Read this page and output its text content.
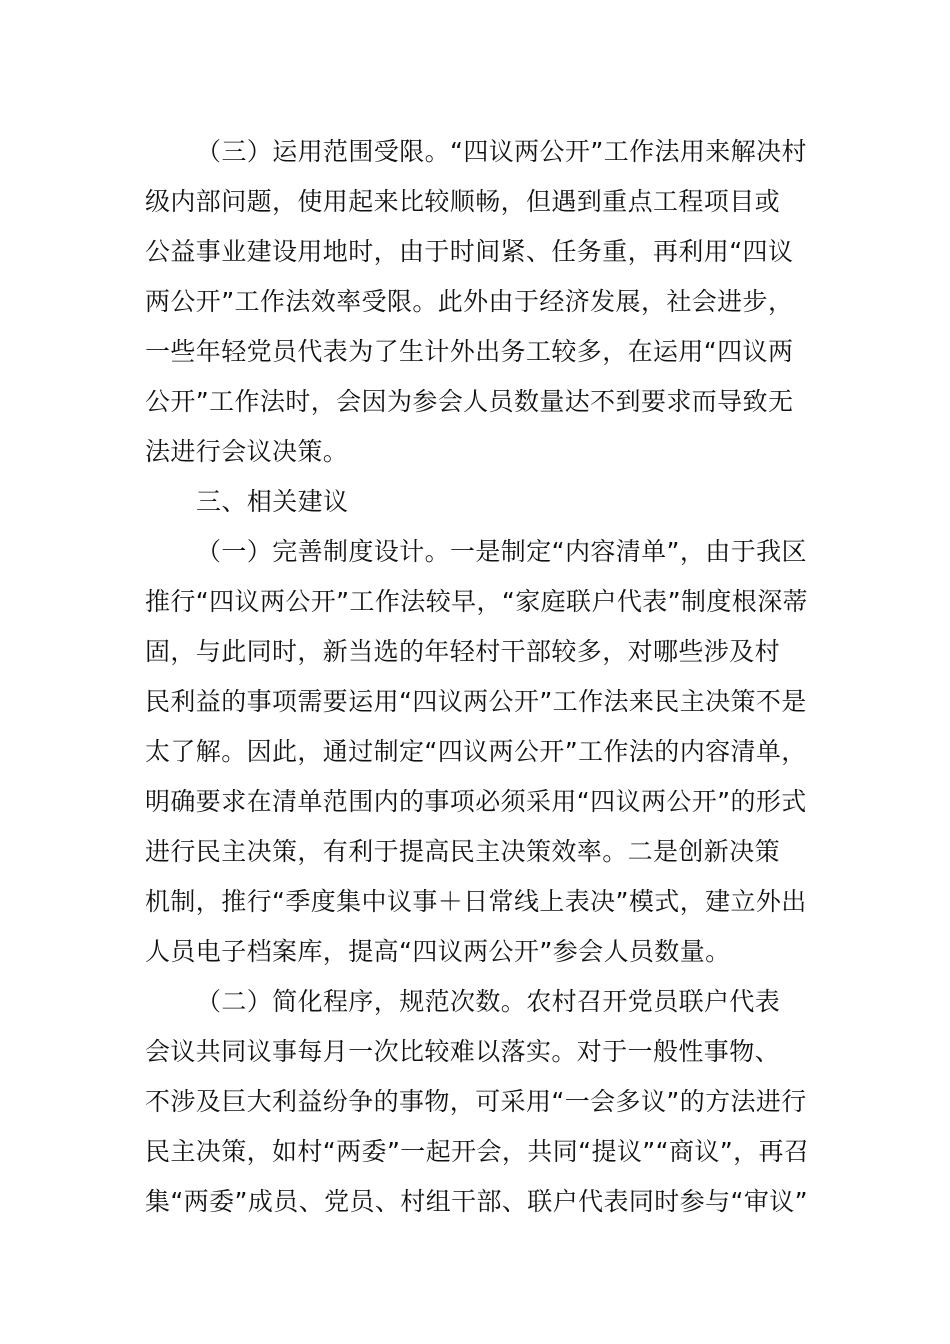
（三）运用范围受限。“四议两公开”工作法用来解决村
级内部问题，使用起来比较顺畅，但遇到重点工程项目或
公益事业建设用地时，由于时间紧、任务重，再利用“四议
两公开”工作法效率受限。此外由于经济发展，社会进步，
一些年轻党员代表为了生计外出务工较多，在运用“四议两
公开”工作法时，会因为参会人员数量达不到要求而导致无
法进行会议决策。
三、相关建议
（一）完善制度设计。一是制定“内容清单”，由于我区
推行“四议两公开”工作法较早，“家庭联户代表”制度根深蒂
固，与此同时，新当选的年轻村干部较多，对哪些涉及村
民利益的事项需要运用“四议两公开”工作法来民主决策不是
太了解。因此，通过制定“四议两公开”工作法的内容清单，
明确要求在清单范围内的事项必须采用“四议两公开”的形式
进行民主决策，有利于提高民主决策效率。二是创新决策
机制，推行“季度集中议事＋日常线上表决”模式，建立外出
人员电子档案库，提高“四议两公开”参会人员数量。
（二）简化程序，规范次数。农村召开党员联户代表
会议共同议事每月一次比较难以落实。对于一般性事物、
不涉及巨大利益纷争的事物，可采用“一会多议”的方法进行
民主决策，如村“两委”一起开会，共同“提议”“商议”，再召
集“两委”成员、党员、村组干部、联户代表同时参与“审议”
